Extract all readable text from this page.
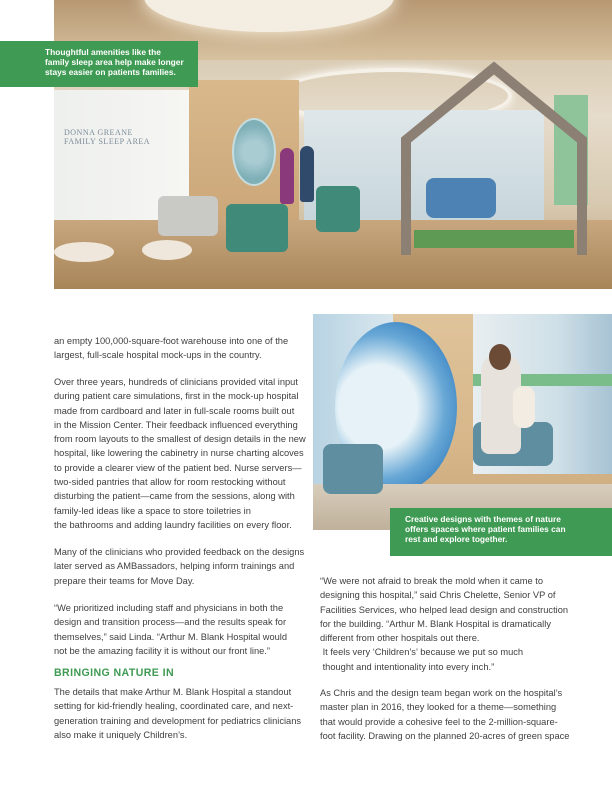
DONNA GREANE
FAMILY SLEEP AREA
Thoughtful amenities like the
family sleep area help make longer
stays easier on patients families.
Creative designs with themes of nature
offers spaces where patient families can
rest and explore together.
an empty 100,000-square-foot warehouse into one of the
largest, full-scale hospital mock-ups in the country.
Over three years, hundreds of clinicians provided vital input
during patient care simulations, first in the mock-up hospital
made from cardboard and later in full-scale rooms built out
in the Mission Center. Their feedback influenced everything
from room layouts to the smallest of design details in the new
hospital, like lowering the cabinetry in nurse charting alcoves
to provide a clearer view of the patient bed. Nurse servers—
two-sided pantries that allow for room restocking without
disturbing the patient—came from the sessions, along with
family-led ideas like a space to store toiletries in
the bathrooms and adding laundry facilities on every floor.
Many of the clinicians who provided feedback on the designs
later served as AMBassadors, helping inform trainings and
prepare their teams for Move Day.
“We prioritized including staff and physicians in both the
design and transition process—and the results speak for
themselves,” said Linda. “Arthur M. Blank Hospital would
not be the amazing facility it is without our front line.”
BRINGING NATURE IN
The details that make Arthur M. Blank Hospital a standout
setting for kid-friendly healing, coordinated care, and next-
generation training and development for pediatrics clinicians
also make it uniquely Children’s.
“We were not afraid to break the mold when it came to
designing this hospital,” said Chris Chelette, Senior VP of
Facilities Services, who helped lead design and construction
for the building. “Arthur M. Blank Hospital is dramatically
different from other hospitals out there.
It feels very ‘Children’s’ because we put so much
thought and intentionality into every inch.”
As Chris and the design team began work on the hospital’s
master plan in 2016, they looked for a theme—something
that would provide a cohesive feel to the 2-million-square-
foot facility. Drawing on the planned 20-acres of green space
